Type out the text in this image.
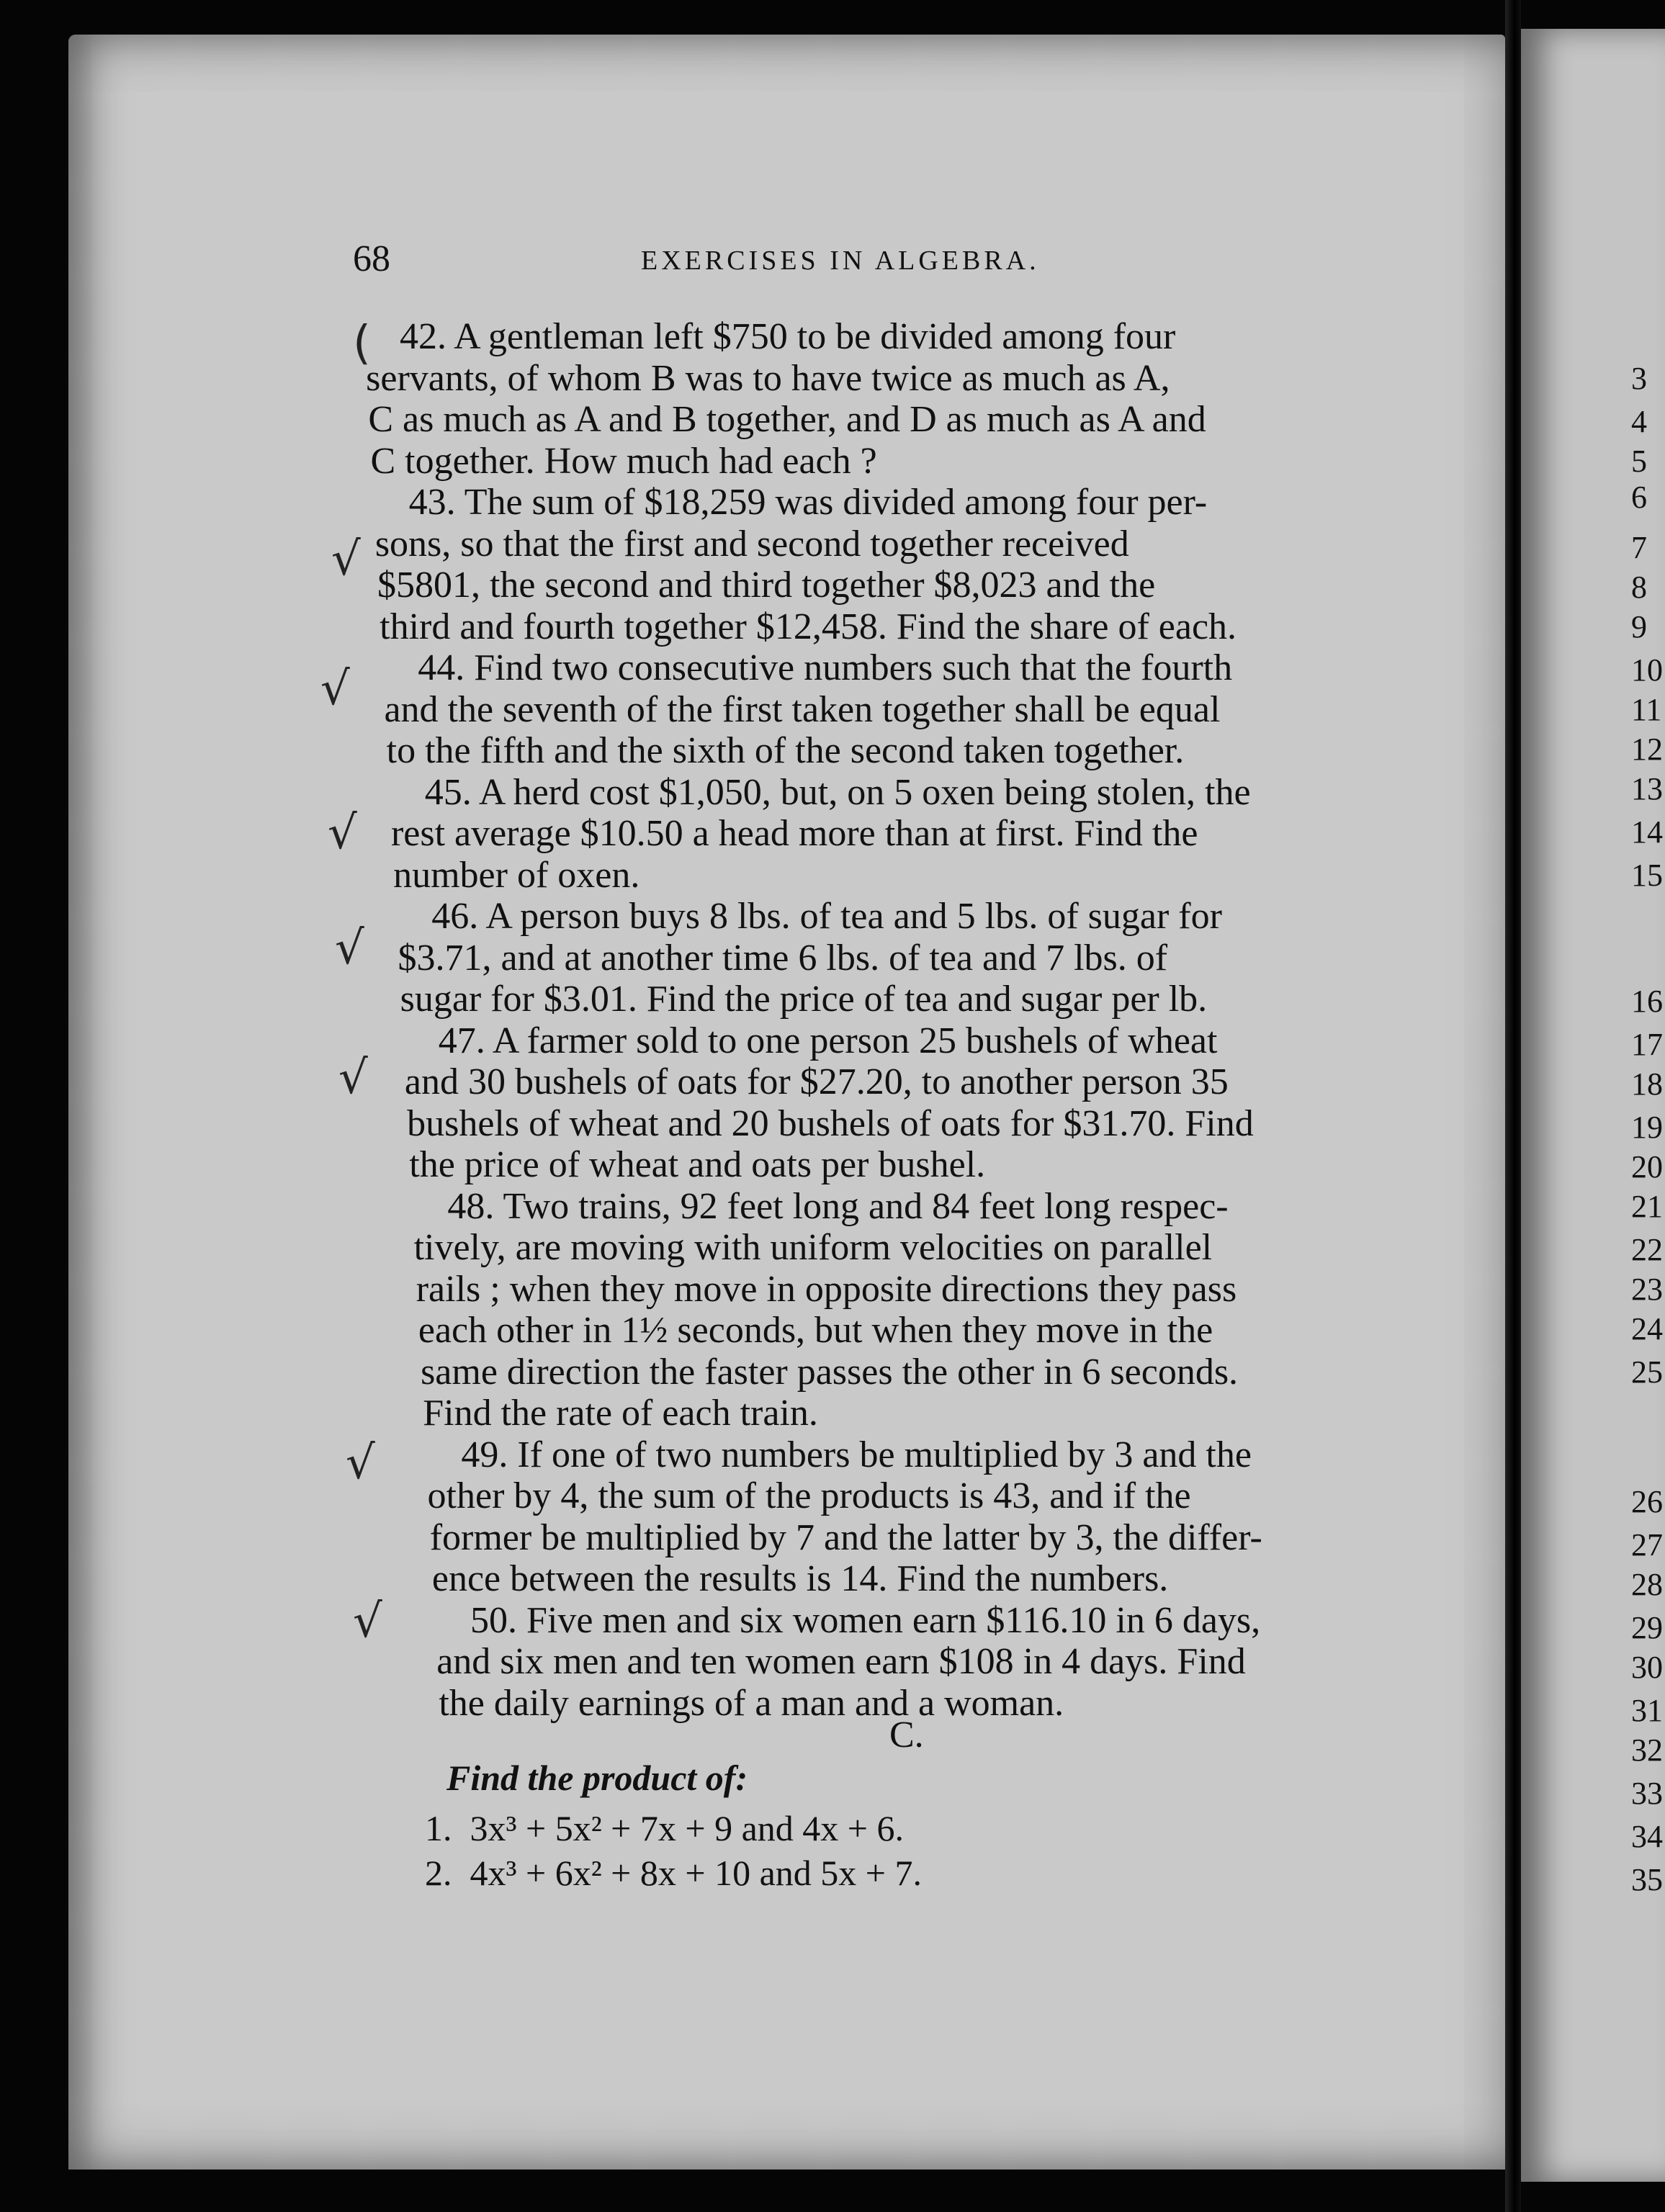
68	EXERCISES IN ALGEBRA.
42. A gentleman left $750 to be divided among four
servants, of whom B was to have twice as much as A,
C as much as A and B together, and D as much as A and
C together. How much had each ?
43. The sum of $18,259 was divided among four per-
sons, so that the first and second together received
$5801, the second and third together $8,023 and the
third and fourth together $12,458. Find the share of each.
44. Find two consecutive numbers such that the fourth
and the seventh of the first taken together shall be equal
to the fifth and the sixth of the second taken together.
45. A herd cost $1,050, but, on 5 oxen being stolen, the
rest average $10.50 a head more than at first. Find the
number of oxen.
46. A person buys 8 lbs. of tea and 5 lbs. of sugar for
$3.71, and at another time 6 lbs. of tea and 7 lbs. of
sugar for $3.01. Find the price of tea and sugar per lb.
47. A farmer sold to one person 25 bushels of wheat
and 30 bushels of oats for $27.20, to another person 35
bushels of wheat and 20 bushels of oats for $31.70. Find
the price of wheat and oats per bushel.
48. Two trains, 92 feet long and 84 feet long respec-
tively, are moving with uniform velocities on parallel
rails ; when they move in opposite directions they pass
each other in 1½ seconds, but when they move in the
same direction the faster passes the other in 6 seconds.
Find the rate of each train.
49. If one of two numbers be multiplied by 3 and the
other by 4, the sum of the products is 43, and if the
former be multiplied by 7 and the latter by 3, the differ-
ence between the results is 14. Find the numbers.
50. Five men and six women earn $116.10 in 6 days,
and six men and ten women earn $108 in 4 days. Find
the daily earnings of a man and a woman.
C.
Find the product of:
1. 3x³ + 5x² + 7x + 9 and 4x + 6.
2. 4x³ + 6x² + 8x + 10 and 5x + 7.
3
4
5
6
7
8
9
10
11
12
13
14
15
16
17
18
19
20
21
22
23
24
25
26
27
28
29
30
31
32
33
34
35
(
√
√
√
√
√
√
√
